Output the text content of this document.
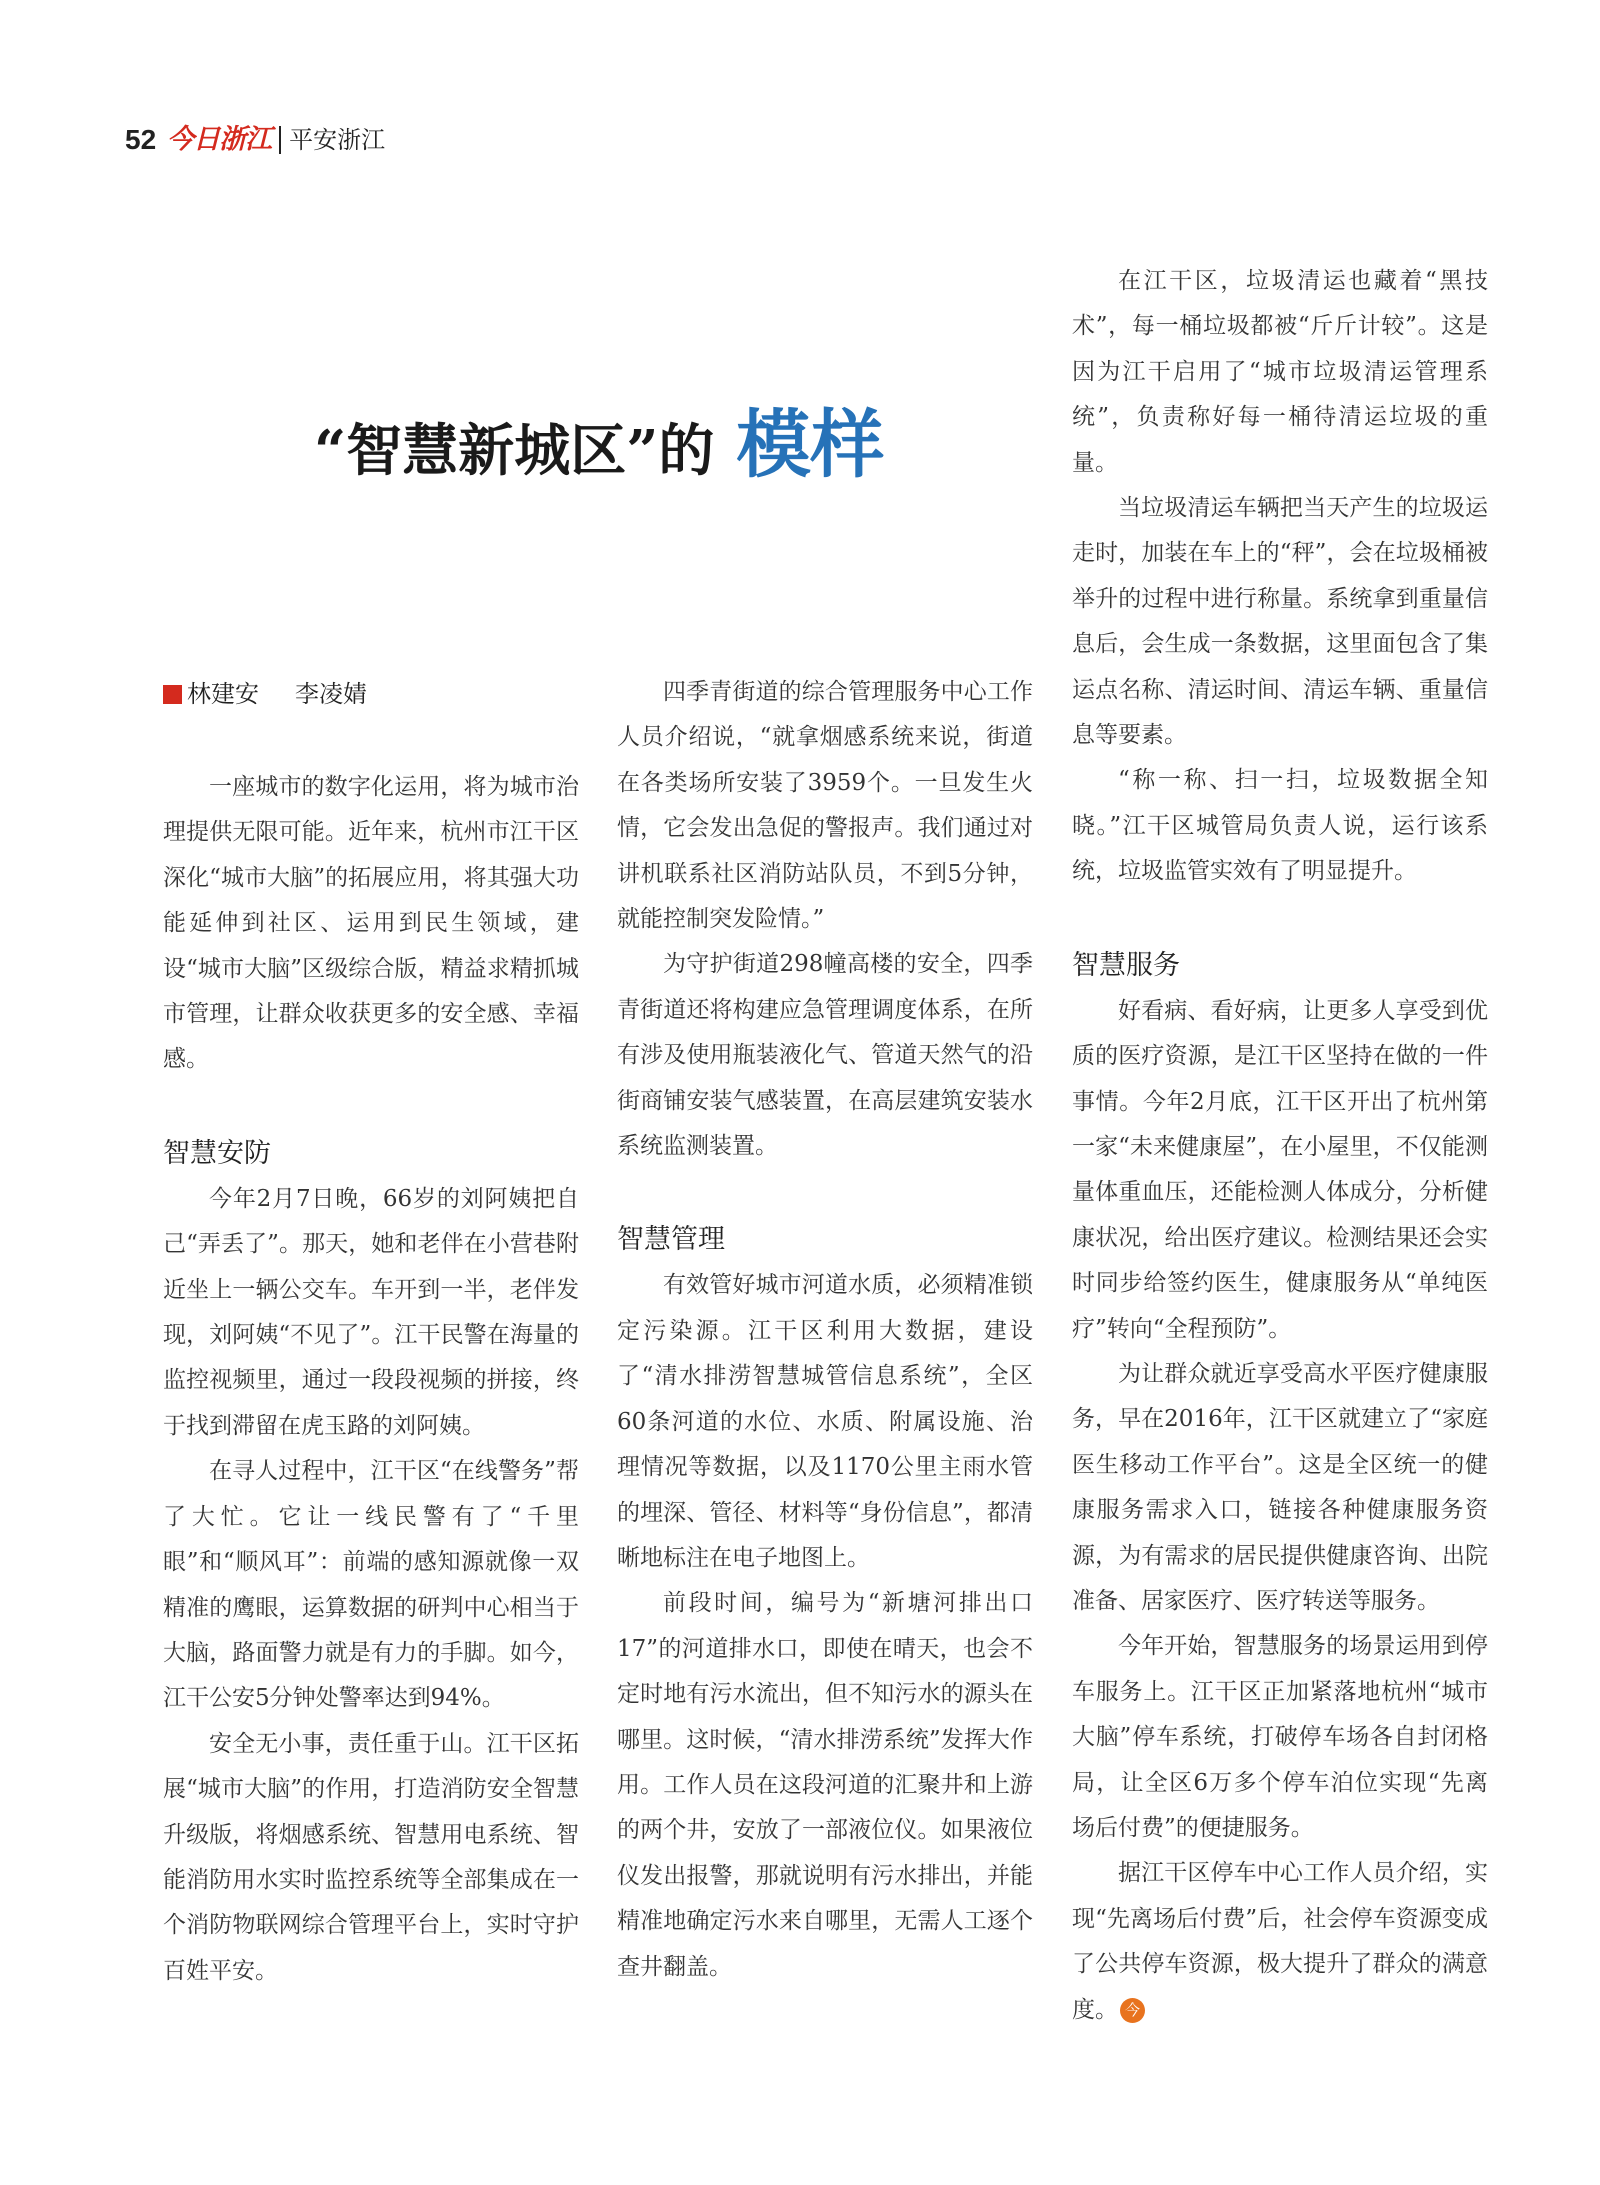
52 今日浙江 平安浙江
“智慧新城区”的 模样
林建安 李凌婧

一座城市的数字化运用，将为城市治理提供无限可能。近年来，杭州市江干区深化“城市大脑”的拓展应用，将其强大功能延伸到社区、运用到民生领域，建设“城市大脑”区级综合版，精益求精抓城市管理，让群众收获更多的安全感、幸福感。

智慧安防

今年2月7日晚，66岁的刘阿姨把自己“弄丢了”。那天，她和老伴在小营巷附近坐上一辆公交车。车开到一半，老伴发现，刘阿姨“不见了”。江干民警在海量的监控视频里，通过一段段视频的拼接，终于找到滞留在虎玉路的刘阿姨。

在寻人过程中，江干区“在线警务”帮了大忙。它让一线民警有了“千里眼”和“顺风耳”：前端的感知源就像一双精准的鹰眼，运算数据的研判中心相当于大脑，路面警力就是有力的手脚。如今，江干公安5分钟处警率达到94%。

安全无小事，责任重于山。江干区拓展“城市大脑”的作用，打造消防安全智慧升级版，将烟感系统、智慧用电系统、智能消防用水实时监控系统等全部集成在一个消防物联网综合管理平台上，实时守护百姓平安。

四季青街道的综合管理服务中心工作人员介绍说，“就拿烟感系统来说，街道在各类场所安装了3959个。一旦发生火情，它会发出急促的警报声。我们通过对讲机联系社区消防站队员，不到5分钟，就能控制突发险情。”

为守护街道298幢高楼的安全，四季青街道还将构建应急管理调度体系，在所有涉及使用瓶装液化气、管道天然气的沿街商铺安装气感装置，在高层建筑安装水系统监测装置。

智慧管理

有效管好城市河道水质，必须精准锁定污染源。江干区利用大数据，建设了“清水排涝智慧城管信息系统”，全区60条河道的水位、水质、附属设施、治理情况等数据，以及1170公里主雨水管的埋深、管径、材料等“身份信息”，都清晰地标注在电子地图上。

前段时间，编号为“新塘河排出口17”的河道排水口，即使在晴天，也会不定时地有污水流出，但不知污水的源头在哪里。这时候，“清水排涝系统”发挥大作用。工作人员在这段河道的汇聚井和上游的两个井，安放了一部液位仪。如果液位仪发出报警，那就说明有污水排出，并能精准地确定污水来自哪里，无需人工逐个查井翻盖。

在江干区，垃圾清运也藏着“黑技术”，每一桶垃圾都被“斤斤计较”。这是因为江干启用了“城市垃圾清运管理系统”，负责称好每一桶待清运垃圾的重量。

当垃圾清运车辆把当天产生的垃圾运走时，加装在车上的“秤”，会在垃圾桶被举升的过程中进行称量。系统拿到重量信息后，会生成一条数据，这里面包含了集运点名称、清运时间、清运车辆、重量信息等要素。

“称一称、扫一扫，垃圾数据全知晓。”江干区城管局负责人说，运行该系统，垃圾监管实效有了明显提升。

智慧服务

好看病、看好病，让更多人享受到优质的医疗资源，是江干区坚持在做的一件事情。今年2月底，江干区开出了杭州第一家“未来健康屋”，在小屋里，不仅能测量体重血压，还能检测人体成分，分析健康状况，给出医疗建议。检测结果还会实时同步给签约医生，健康服务从“单纯医疗”转向“全程预防”。

为让群众就近享受高水平医疗健康服务，早在2016年，江干区就建立了“家庭医生移动工作平台”。这是全区统一的健康服务需求入口，链接各种健康服务资源，为有需求的居民提供健康咨询、出院准备、居家医疗、医疗转送等服务。

今年开始，智慧服务的场景运用到停车服务上。江干区正加紧落地杭州“城市大脑”停车系统，打破停车场各自封闭格局，让全区6万多个停车泊位实现“先离场后付费”的便捷服务。

据江干区停车中心工作人员介绍，实现“先离场后付费”后，社会停车资源变成了公共停车资源，极大提升了群众的满意度。 今
